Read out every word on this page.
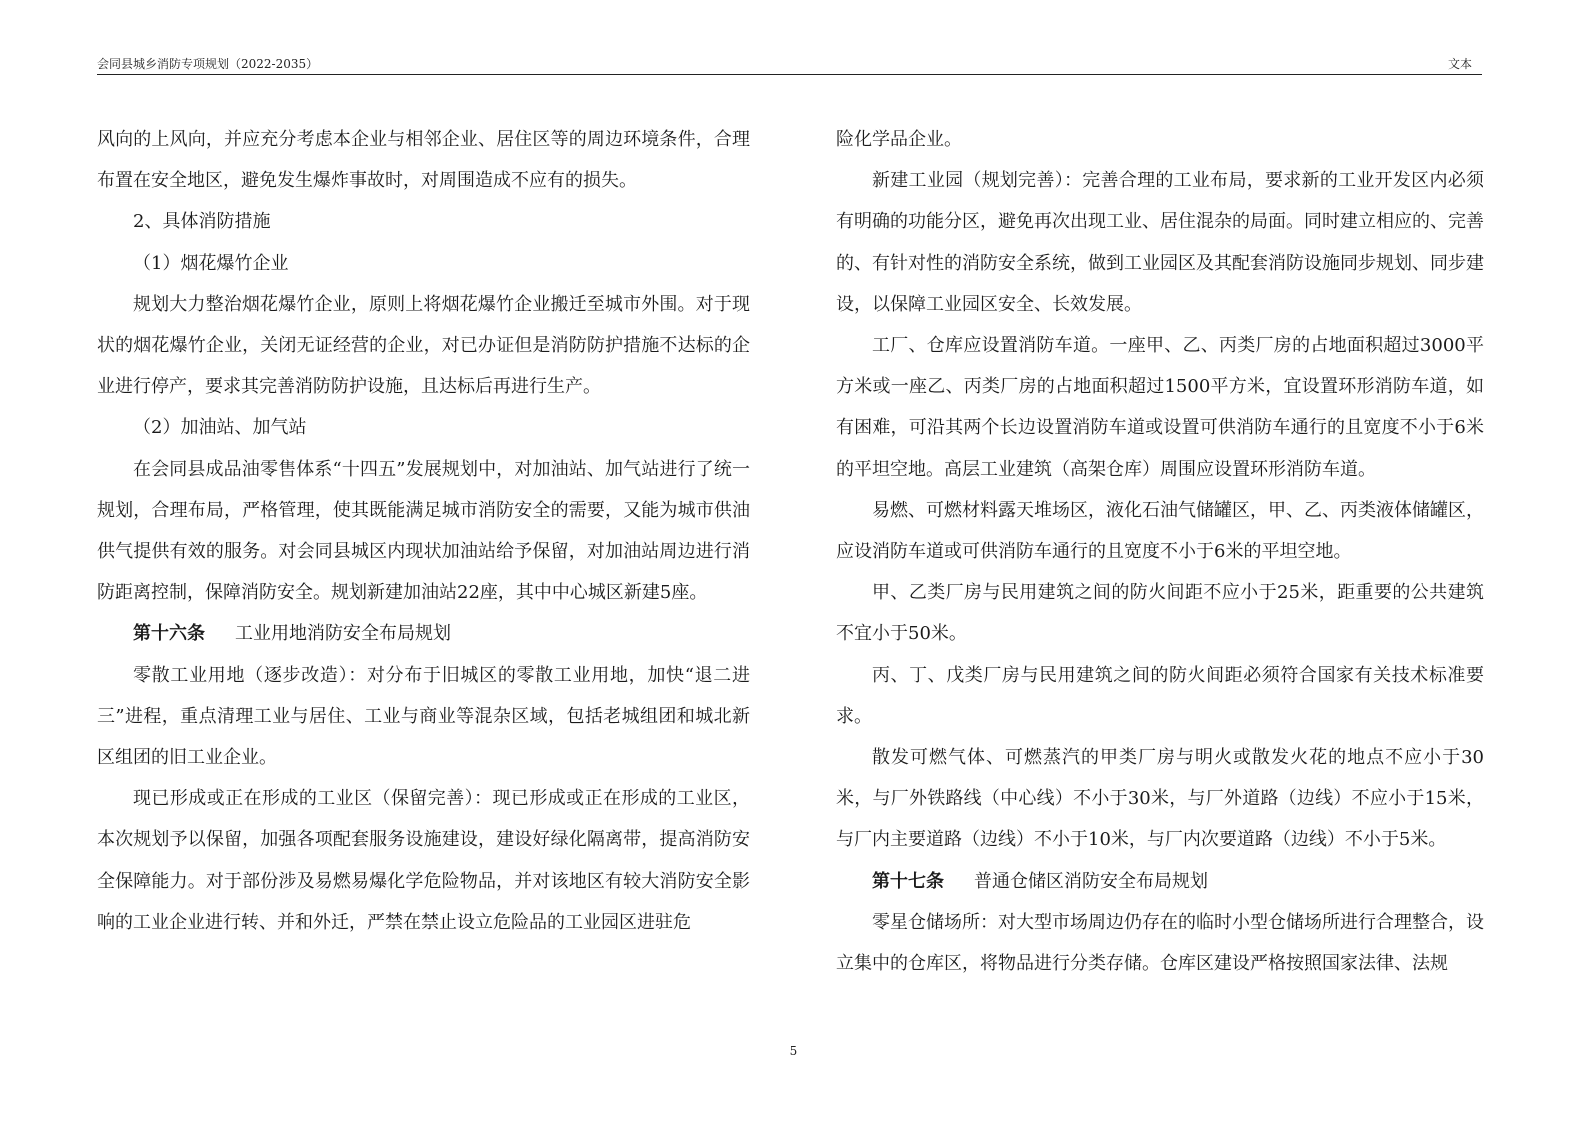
会同县城乡消防专项规划（2022-2035）	文本

风向的上风向，并应充分考虑本企业与相邻企业、居住区等的周边环境条件，合理布置在安全地区，避免发生爆炸事故时，对周围造成不应有的损失。

2、具体消防措施

（1）烟花爆竹企业

规划大力整治烟花爆竹企业，原则上将烟花爆竹企业搬迁至城市外围。对于现状的烟花爆竹企业，关闭无证经营的企业，对已办证但是消防防护措施不达标的企业进行停产，要求其完善消防防护设施，且达标后再进行生产。

（2）加油站、加气站

在会同县成品油零售体系“十四五”发展规划中，对加油站、加气站进行了统一规划，合理布局，严格管理，使其既能满足城市消防安全的需要，又能为城市供油供气提供有效的服务。对会同县城区内现状加油站给予保留，对加油站周边进行消防距离控制，保障消防安全。规划新建加油站22座，其中中心城区新建5座。

第十六条 工业用地消防安全布局规划

零散工业用地（逐步改造）：对分布于旧城区的零散工业用地，加快“退二进三”进程，重点清理工业与居住、工业与商业等混杂区域，包括老城组团和城北新区组团的旧工业企业。

现已形成或正在形成的工业区（保留完善）：现已形成或正在形成的工业区，本次规划予以保留，加强各项配套服务设施建设，建设好绿化隔离带，提高消防安全保障能力。对于部份涉及易燃易爆化学危险物品，并对该地区有较大消防安全影响的工业企业进行转、并和外迁，严禁在禁止设立危险品的工业园区进驻危

险化学品企业。

新建工业园（规划完善）：完善合理的工业布局，要求新的工业开发区内必须有明确的功能分区，避免再次出现工业、居住混杂的局面。同时建立相应的、完善的、有针对性的消防安全系统，做到工业园区及其配套消防设施同步规划、同步建设，以保障工业园区安全、长效发展。

工厂、仓库应设置消防车道。一座甲、乙、丙类厂房的占地面积超过3000平方米或一座乙、丙类厂房的占地面积超过1500平方米，宜设置环形消防车道，如有困难，可沿其两个长边设置消防车道或设置可供消防车通行的且宽度不小于6米的平坦空地。高层工业建筑（高架仓库）周围应设置环形消防车道。

易燃、可燃材料露天堆场区，液化石油气储罐区，甲、乙、丙类液体储罐区，应设消防车道或可供消防车通行的且宽度不小于6米的平坦空地。

甲、乙类厂房与民用建筑之间的防火间距不应小于25米，距重要的公共建筑不宜小于50米。

丙、丁、戊类厂房与民用建筑之间的防火间距必须符合国家有关技术标准要求。

散发可燃气体、可燃蒸汽的甲类厂房与明火或散发火花的地点不应小于30米，与厂外铁路线（中心线）不小于30米，与厂外道路（边线）不应小于15米，与厂内主要道路（边线）不小于10米，与厂内次要道路（边线）不小于5米。

第十七条 普通仓储区消防安全布局规划

零星仓储场所：对大型市场周边仍存在的临时小型仓储场所进行合理整合，设立集中的仓库区，将物品进行分类存储。仓库区建设严格按照国家法律、法规

5
